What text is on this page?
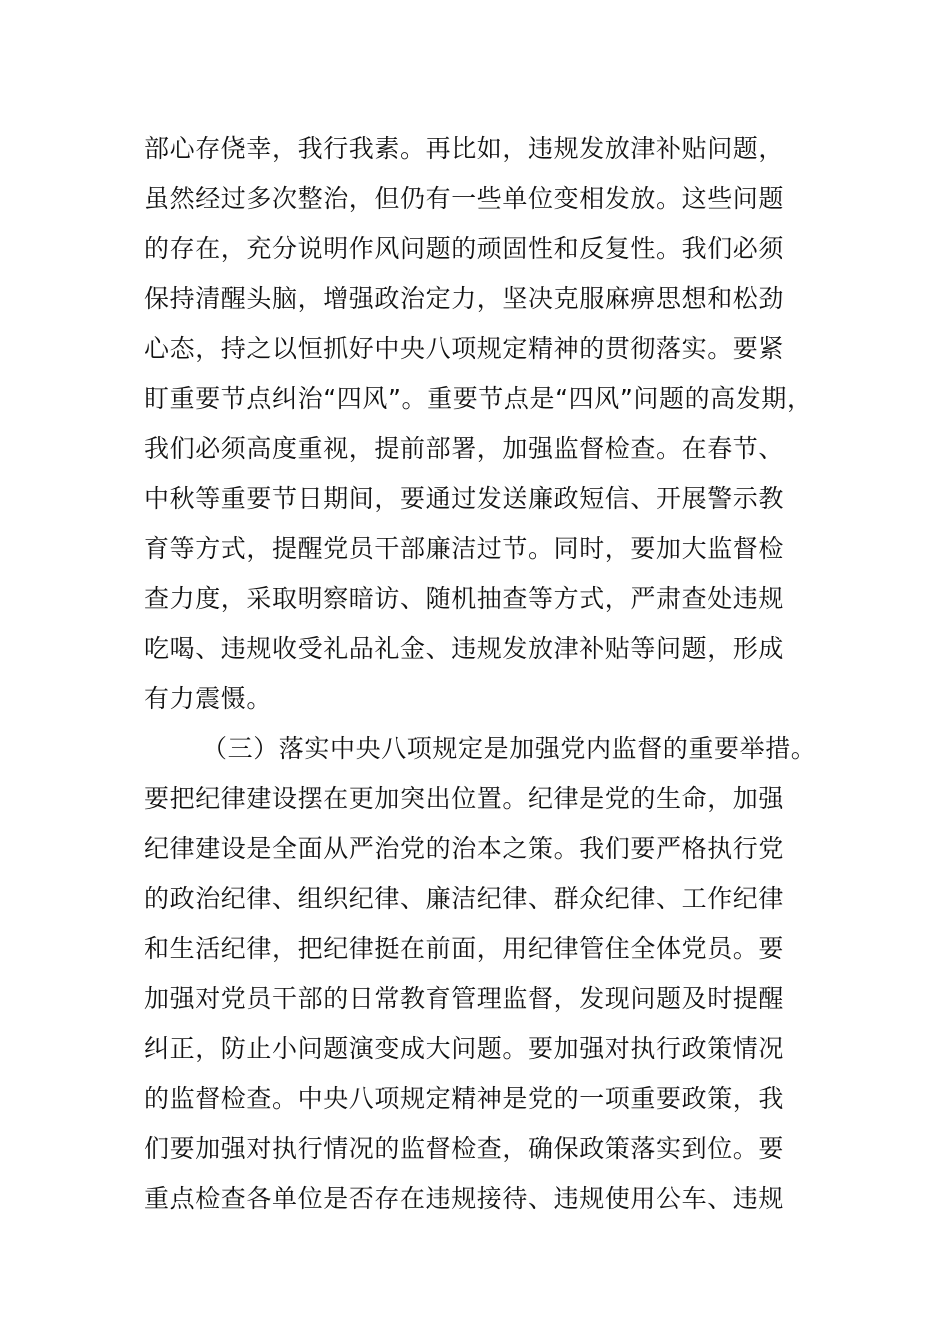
部心存侥幸，我行我素。再比如，违规发放津补贴问题，
虽然经过多次整治，但仍有一些单位变相发放。这些问题
的存在，充分说明作风问题的顽固性和反复性。我们必须
保持清醒头脑，增强政治定力，坚决克服麻痹思想和松劲
心态，持之以恒抓好中央八项规定精神的贯彻落实。要紧
盯重要节点纠治“四风”。重要节点是“四风”问题的高发期，
我们必须高度重视，提前部署，加强监督检查。在春节、
中秋等重要节日期间，要通过发送廉政短信、开展警示教
育等方式，提醒党员干部廉洁过节。同时，要加大监督检
查力度，采取明察暗访、随机抽查等方式，严肃查处违规
吃喝、违规收受礼品礼金、违规发放津补贴等问题，形成
有力震慑。
（三）落实中央八项规定是加强党内监督的重要举措。
要把纪律建设摆在更加突出位置。纪律是党的生命，加强
纪律建设是全面从严治党的治本之策。我们要严格执行党
的政治纪律、组织纪律、廉洁纪律、群众纪律、工作纪律
和生活纪律，把纪律挺在前面，用纪律管住全体党员。要
加强对党员干部的日常教育管理监督，发现问题及时提醒
纠正，防止小问题演变成大问题。要加强对执行政策情况
的监督检查。中央八项规定精神是党的一项重要政策，我
们要加强对执行情况的监督检查，确保政策落实到位。要
重点检查各单位是否存在违规接待、违规使用公车、违规
